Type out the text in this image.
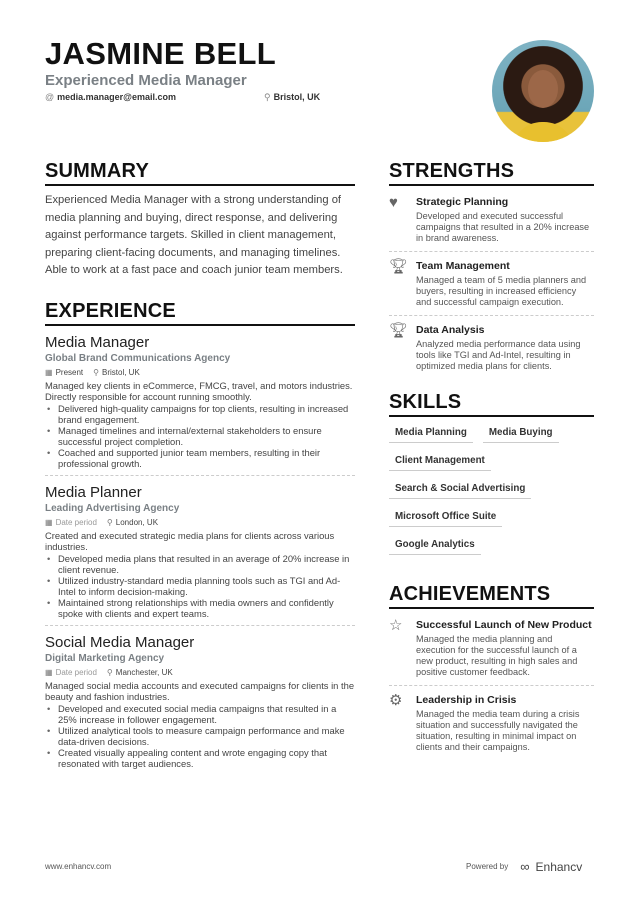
JASMINE BELL
Experienced Media Manager
@ media.manager@email.com	⚲ Bristol, UK
SUMMARY

Experienced Media Manager with a strong understanding of media planning and buying, direct response, and delivering against performance targets. Skilled in client management, preparing client-facing documents, and managing timelines. Able to work at a fast pace and coach junior team members.

EXPERIENCE
Media Manager
Global Brand Communications Agency
▦ Present ⚲ Bristol, UK
Managed key clients in eCommerce, FMCG, travel, and motors industries. Directly responsible for account running smoothly.
• Delivered high-quality campaigns for top clients, resulting in increased brand engagement.
• Managed timelines and internal/external stakeholders to ensure successful project completion.
• Coached and supported junior team members, resulting in their professional growth.
Media Planner
Leading Advertising Agency
▦ Date period ⚲ London, UK
Created and executed strategic media plans for clients across various industries.
• Developed media plans that resulted in an average of 20% increase in client revenue.
• Utilized industry-standard media planning tools such as TGI and Ad-Intel to inform decision-making.
• Maintained strong relationships with media owners and confidently spoke with clients and expert teams.
Social Media Manager
Digital Marketing Agency
▦ Date period ⚲ Manchester, UK
Managed social media accounts and executed campaigns for clients in the beauty and fashion industries.
• Developed and executed social media campaigns that resulted in a 25% increase in follower engagement.
• Utilized analytical tools to measure campaign performance and make data-driven decisions.
• Created visually appealing content and wrote engaging copy that resonated with target audiences.
STRENGTHS
♥	Strategic Planning
Developed and executed successful campaigns that resulted in a 20% increase in brand awareness.
🏆︎ Team Management
Managed a team of 5 media planners and buyers, resulting in increased efficiency and successful campaign execution.
🏆︎ Data Analysis
Analyzed media performance data using tools like TGI and Ad-Intel, resulting in optimized media plans for clients.
SKILLS
Media Planning	Media Buying
Client Management
Search & Social Advertising
Microsoft Office Suite
Google Analytics
ACHIEVEMENTS
☆	Successful Launch of New Product
Managed the media planning and execution for the successful launch of a new product, resulting in high sales and positive customer feedback.
⚙	Leadership in Crisis
Managed the media team during a crisis situation and successfully navigated the situation, resulting in minimal impact on clients and their campaigns.
www.enhancv.com	Powered by ∞ Enhancv
